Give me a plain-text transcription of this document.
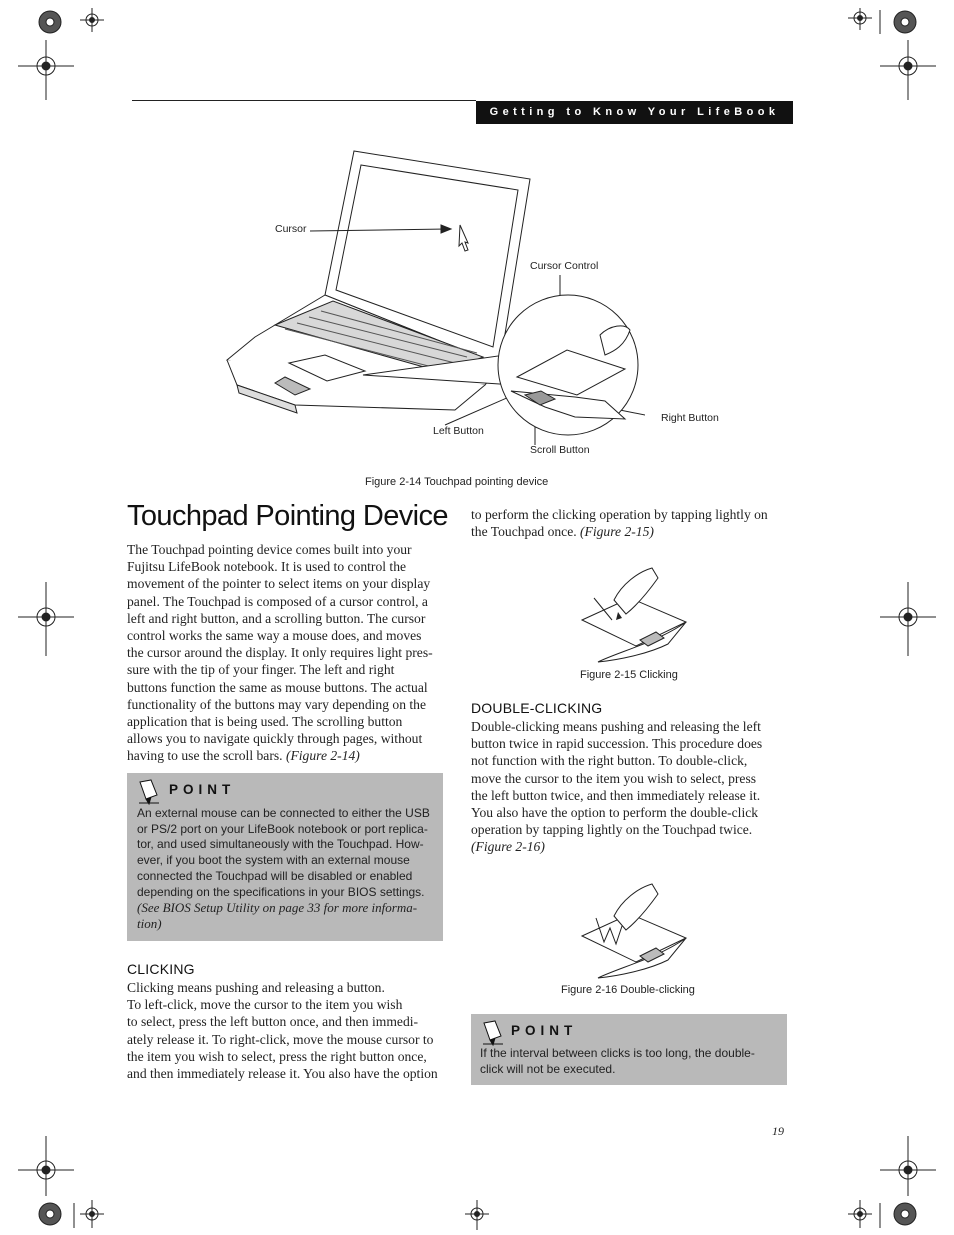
Getting to Know Your LifeBook
Cursor
Cursor Control
Right Button
Left Button
Scroll Button
Figure 2-14 Touchpad pointing device
Touchpad Pointing Device
The Touchpad pointing device comes built into your
Fujitsu LifeBook notebook. It is used to control the
movement of the pointer to select items on your display
panel. The Touchpad is composed of a cursor control, a
left and right button, and a scrolling button. The cursor
control works the same way a mouse does, and moves
the cursor around the display. It only requires light pres-
sure with the tip of your finger. The left and right
buttons function the same as mouse buttons. The actual
functionality of the buttons may vary depending on the
application that is being used. The scrolling button
allows you to navigate quickly through pages, without
having to use the scroll bars. (Figure 2-14)
POINT
An external mouse can be connected to either the USB
or PS/2 port on your LifeBook notebook or port replica-
tor, and used simultaneously with the Touchpad. How-
ever, if you boot the system with an external mouse
connected the Touchpad will be disabled or enabled
depending on the specifications in your BIOS settings.
(See BIOS Setup Utility on page 33 for more informa-
tion)
CLICKING
Clicking means pushing and releasing a button.
To left-click, move the cursor to the item you wish
to select, press the left button once, and then immedi-
ately release it. To right-click, move the mouse cursor to
the item you wish to select, press the right button once,
and then immediately release it. You also have the option
to perform the clicking operation by tapping lightly on
the Touchpad once. (Figure 2-15)
Figure 2-15 Clicking
DOUBLE-CLICKING
Double-clicking means pushing and releasing the left
button twice in rapid succession. This procedure does
not function with the right button. To double-click,
move the cursor to the item you wish to select, press
the left button twice, and then immediately release it.
You also have the option to perform the double-click
operation by tapping lightly on the Touchpad twice.
(Figure 2-16)
Figure 2-16 Double-clicking
POINT
If the interval between clicks is too long, the double-
click will not be executed.
19
